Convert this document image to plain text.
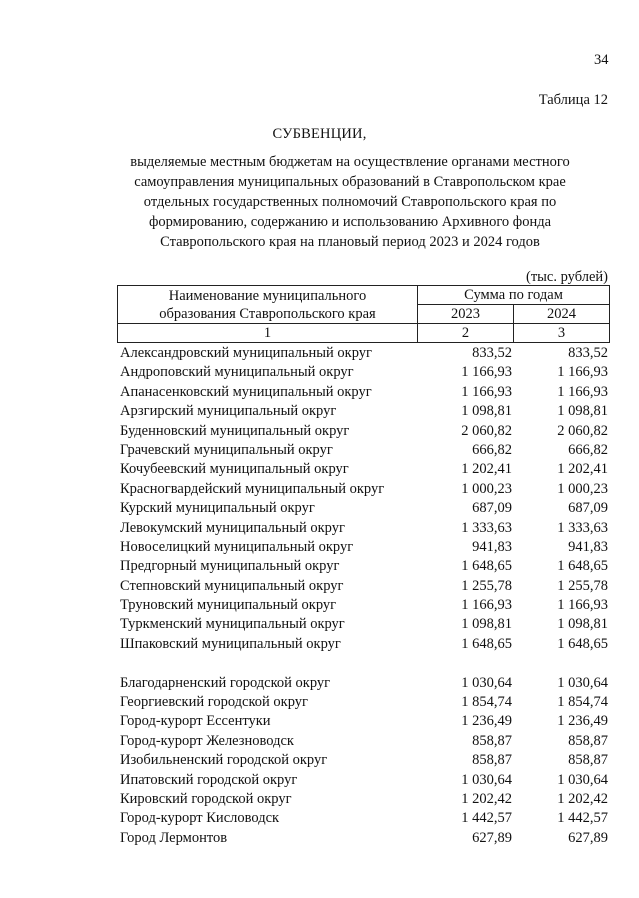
34
Таблица 12
СУБВЕНЦИИ,
выделяемые местным бюджетам на осуществление органами местного
самоуправления муниципальных образований в Ставропольском крае
отдельных государственных полномочий Ставропольского края по
формированию, содержанию и использованию Архивного фонда
Ставропольского края на плановый период 2023 и 2024 годов
(тыс. рублей)
Наименование муниципального
образования Ставропольского края	Сумма по годам	
	2023	2024
1	2	3
Александровский муниципальный округ	833,52	833,52
Андроповский муниципальный округ	1 166,93	1 166,93
Апанасенковский муниципальный округ	1 166,93	1 166,93
Арзгирский муниципальный округ	1 098,81	1 098,81
Буденновский муниципальный округ	2 060,82	2 060,82
Грачевский муниципальный округ	666,82	666,82
Кочубеевский муниципальный округ	1 202,41	1 202,41
Красногвардейский муниципальный округ	1 000,23	1 000,23
Курский муниципальный округ	687,09	687,09
Левокумский муниципальный округ	1 333,63	1 333,63
Новоселицкий муниципальный округ	941,83	941,83
Предгорный муниципальный округ	1 648,65	1 648,65
Степновский муниципальный округ	1 255,78	1 255,78
Труновский муниципальный округ	1 166,93	1 166,93
Туркменский муниципальный округ	1 098,81	1 098,81
Шпаковский муниципальный округ	1 648,65	1 648,65
Благодарненский городской округ	1 030,64	1 030,64
Георгиевский городской округ	1 854,74	1 854,74
Город-курорт Ессентуки	1 236,49	1 236,49
Город-курорт Железноводск	858,87	858,87
Изобильненский городской округ	858,87	858,87
Ипатовский городской округ	1 030,64	1 030,64
Кировский городской округ	1 202,42	1 202,42
Город-курорт Кисловодск	1 442,57	1 442,57
Город Лермонтов	627,89	627,89
